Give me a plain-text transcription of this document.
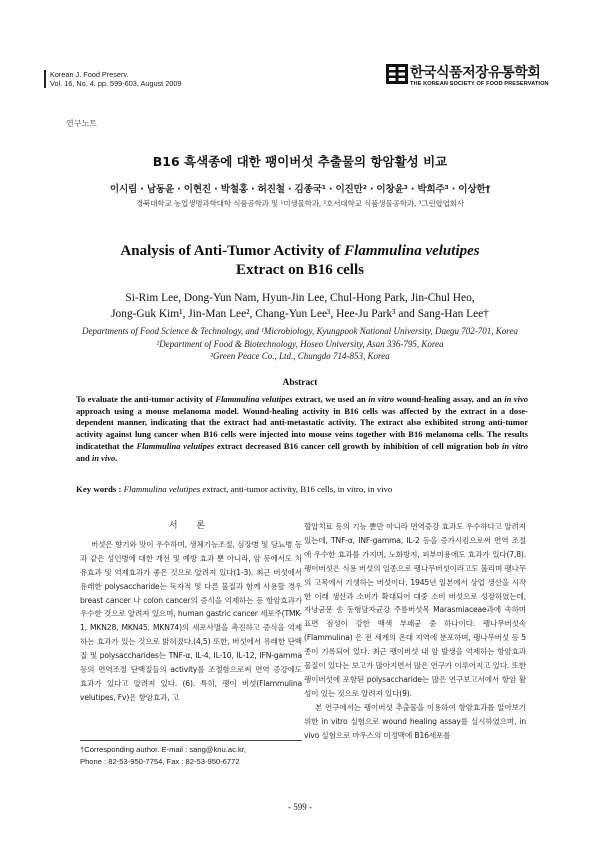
Korean J. Food Preserv.
Vol. 16, No. 4. pp. 599-603, August 2009
한국식품저장유통학회
THE KOREAN SOCIETY OF FOOD PRESERVATION
연구노트
B16 흑색종에 대한 팽이버섯 추출물의 항암활성 비교
이시림 · 남동윤 · 이현진 · 박철홍 · 허진철 · 김종국¹ · 이진만² · 이창윤³ · 박희주³ · 이상한†
경북대학교 농업생명과학대학 식품공학과 및 ¹미생물학과, ²호서대학교 식품생물공학과, ³그린합엽회사
Analysis of Anti-Tumor Activity of Flammulina velutipes
Extract on B16 cells
Si-Rim Lee, Dong-Yun Nam, Hyun-Jin Lee, Chul-Hong Park, Jin-Chul Heo,
Jong-Guk Kim¹, Jin-Man Lee², Chang-Yun Lee³, Hee-Ju Park³ and Sang-Han Lee†
Departments of Food Science & Technology, and ¹Microbiology, Kyungpook National University, Daegu 702-701, Korea
²Department of Food & Biotechnology, Hoseo University, Asan 336-795, Korea
³Green Peace Co., Ltd., Chungdo 714-853, Korea
Abstract
To evaluate the anti-tumor activity of Flammulina velutipes extract, we used an in vitro wound-healing assay, and an in vivo approach using a mouse melanoma model. Wound-healing activity in B16 cells was affected by the extract in a dose-dependent manner, indicating that the extract had anti-metastatic activity. The extract also exhibited strong anti-tumor activity against lung cancer when B16 cells were injected into mouse veins together with B16 melanoma cells. The results indicatethat the Flammulina velutipes extract decreased B16 cancer cell growth by inhibition of cell migration bob in vitro and in vivo.
Key words : Flammulina velutipes extract, anti-tumor activity, B16 cells, in vitro, in vivo
서 론
버섯은 향기와 맛이 우수하며, 생체기능조절, 심장병 및 당뇨병 등과 같은 성인병에 대한 개선 및 예방 효과 뿐 아니라, 암 등에서도 치유효과 및 억제효과가 좋은 것으로 알려져 있다(1-3). 최근 버섯에서 유래한 polysaccharide는 독자적 및 다른 물질과 함께 사용할 경우 breast cancer 나 colon cancer의 증식을 억제하는 등 항암효과가 우수한 것으로 알려져 있으며, human gastric cancer 세포주(TMK-1, MKN28, MKN45, MKN74)의 세포사멸을 촉진하고 증식을 억제하는 효과가 있는 것으로 밝혀졌다.(4,5) 또한, 버섯에서 유래한 단백질 및 polysaccharides는 TNF-α, IL-4, IL-10, IL-12, IFN-gamma 등의 면역조절 단백질들의 activity를 조절함으로써 면역 증강에도 효과가 있다고 알려져 있다. (6). 특히, 팽이 버섯(Flammulina velutipes, Fv)은 항암효과, 고
혈압치료 등의 기능 뿐만 아니라 면역증강 효과도 우수하다고 알려져 있는데, TNF-α, INF-gamma, IL-2 등을 증가시킴으로써 면역 조절에 우수한 효과를 가지며, 노화방지, 피부미용에도 효과가 있다(7,8). 팽이버섯은 식용 버섯의 일종으로 팽나무버섯이라고도 불리며 팽나무의 고목에서 기생하는 버섯이다. 1945년 일본에서 상업 생산을 시작한 이래 생산과 소비가 확대되어 대중 소비 버섯으로 성장하였는데, 자낭균문 송 동형담자균강 주름버섯목 Marasmiaceae과에 속하며 표면 점성이 강한 백색 부패균 중 하나이다. 팽나무버섯속(Flammulina) 은 전 세계의 온대 지역에 분포하며, 팽나무버섯 등 5종이 기록되어 있다. 최근 팽이버섯 내 암 발생을 억제하는 항암효과 물질이 있다는 보고가 많아지면서 많은 연구가 이루어지고 있다. 또한 팽이버섯에 포함된 polysaccharide는 많은 연구보고서에서 항암 활성이 있는 것으로 알려져 있다(9).
본 연구에서는 팽이버섯 추출물을 이용하여 항암효과를 알아보기 위한 in vitro 실험으로 wound healing assay를 실시하였으며, in vivo 실험으로 마우스의 미정맥에 B16세포를
†Corresponding author. E-mail : sang@knu.ac.kr,
Phone : 82-53-950-7754, Fax : 82-53-950-6772
- 599 -
